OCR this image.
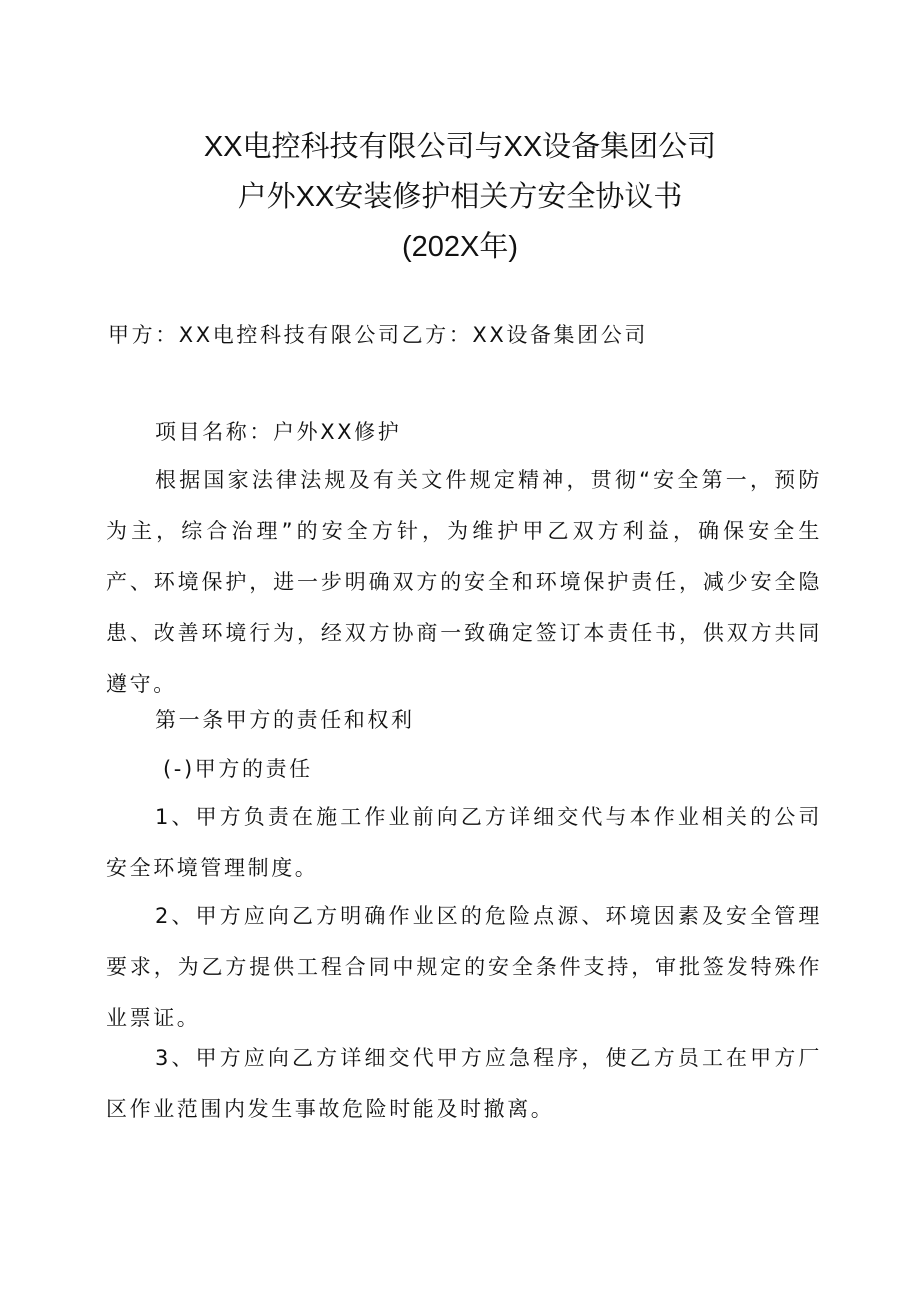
XX电控科技有限公司与XX设备集团公司
户外XX安装修护相关方安全协议书
(202X年)

甲方：XX电控科技有限公司乙方：XX设备集团公司

项目名称：户外XX修护

根据国家法律法规及有关文件规定精神，贯彻“安全第一，预防为主，综合治理”的安全方针，为维护甲乙双方利益，确保安全生产、环境保护，进一步明确双方的安全和环境保护责任，减少安全隐患、改善环境行为，经双方协商一致确定签订本责任书，供双方共同遵守。

第一条甲方的责任和权利

(-)甲方的责任

1、甲方负责在施工作业前向乙方详细交代与本作业相关的公司安全环境管理制度。

2、甲方应向乙方明确作业区的危险点源、环境因素及安全管理要求，为乙方提供工程合同中规定的安全条件支持，审批签发特殊作业票证。

3、甲方应向乙方详细交代甲方应急程序，使乙方员工在甲方厂区作业范围内发生事故危险时能及时撤离。
